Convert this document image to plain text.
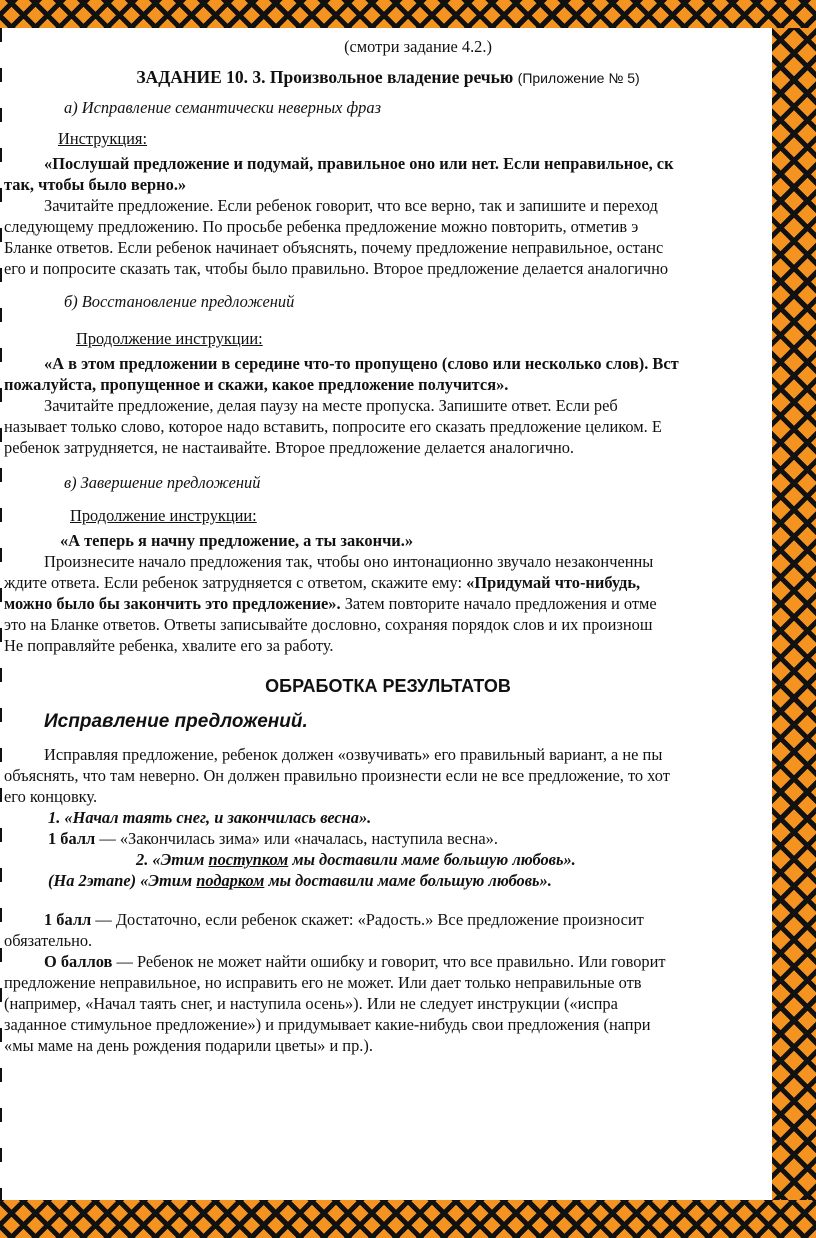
(смотри задание 4.2.)

ЗАДАНИЕ 10. 3. Произвольное владение речью (Приложение № 5)

а) Исправление семантически неверных фраз

Инструкция:

«Послушай предложение и подумай, правильное оно или нет. Если неправильное, ск

так, чтобы было верно.»

Зачитайте предложение. Если ребенок говорит, что все верно, так и запишите и переход

следующему предложению. По просьбе ребенка предложение можно повторить, отметив э

Бланке ответов. Если ребенок начинает объяснять, почему предложение неправильное, останс

его и попросите сказать так, чтобы было правильно. Второе предложение делается аналогично

б) Восстановление предложений

Продолжение инструкции:

«А в этом предложении в середине что-то пропущено (слово или несколько слов). Вст

пожалуйста, пропущенное и скажи, какое предложение получится».

Зачитайте предложение, делая паузу на месте пропуска. Запишите ответ. Если реб

называет только слово, которое надо вставить, попросите его сказать предложение целиком. Е

ребенок затрудняется, не настаивайте. Второе предложение делается аналогично.

в) Завершение предложений

Продолжение инструкции:

«А теперь я начну предложение, а ты закончи.»

Произнесите начало предложения так, чтобы оно интонационно звучало незаконченны

ждите ответа. Если ребенок затрудняется с ответом, скажите ему: «Придумай что-нибудь,

можно было бы закончить это предложение». Затем повторите начало предложения и отме

это на Бланке ответов. Ответы записывайте дословно, сохраняя порядок слов и их произнош

Не поправляйте ребенка, хвалите его за работу.

ОБРАБОТКА РЕЗУЛЬТАТОВ

Исправление предложений.

Исправляя предложение, ребенок должен «озвучивать» его правильный вариант, а не пы

объяснять, что там неверно. Он должен правильно произнести если не все предложение, то хот

его концовку.

1. «Начал таять снег, и закончилась весна».

1 балл — «Закончилась зима» или «началась, наступила весна».

2. «Этим поступком мы доставили маме большую любовь».

(На 2этапе) «Этим подарком мы доставили маме большую любовь».

1 балл — Достаточно, если ребенок скажет: «Радость.» Все предложение произносит

обязательно.

О баллов — Ребенок не может найти ошибку и говорит, что все правильно. Или говорит

предложение неправильное, но исправить его не может. Или дает только неправильные отв

(например, «Начал таять снег, и наступила осень»). Или не следует инструкции («испра

заданное стимульное предложение») и придумывает какие-нибудь свои предложения (напри

«мы маме на день рождения подарили цветы» и пр.).
